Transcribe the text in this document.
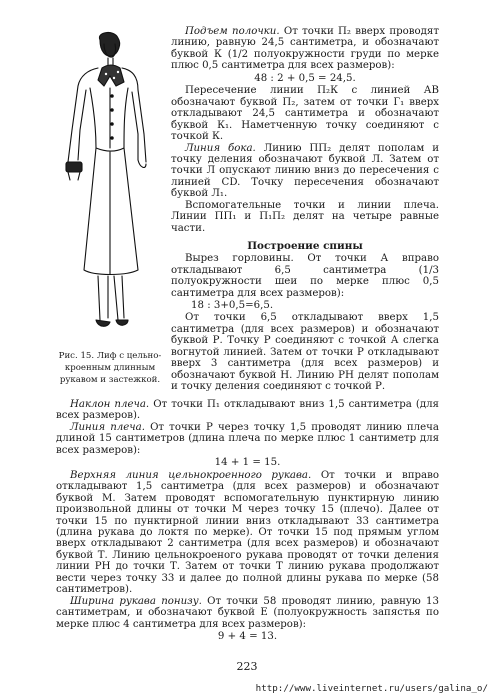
Рис. 15. Лиф с цельно-кроенным длинным рукавом и застежкой.

Подъем полочки. От точки П₂ вверх проводят линию, равную 24,5 сантиметра, и обозначают буквой К (1/2 полуокружности груди по мерке плюс 0,5 сантиметра для всех размеров):

48 : 2 + 0,5 = 24,5.

Пересечение линии П₂К с линией АВ обозначают буквой П₂, затем от точки Г₁ вверх откладывают 24,5 сантиметра и обозначают буквой К₁. Наметченную точку соединяют с точкой К.

Линия бока. Линию ПП₂ делят пополам и точку деления обозначают буквой Л. Затем от точки Л опускают линию вниз до пересечения с линией CD. Точку пересечения обозначают буквой Л₁.

Вспомогательные точки и линии плеча. Линии ПП₁ и П₁П₂ делят на четыре равные части.

Построение спины

Вырез горловины. От точки А вправо откладывают 6,5 сантиметра (1/3 полуокружности шеи по мерке плюс 0,5 сантиметра для всех размеров):

18 : 3+0,5=6,5.

От точки 6,5 откладывают вверх 1,5 сантиметра (для всех размеров) и обозначают буквой Р. Точку Р соединяют с точкой А слегка вогнутой линией. Затем от точки Р откладывают вверх 3 сантиметра (для всех размеров) и обозначают буквой Н. Линию РН делят пополам и точку деления соединяют с точкой Р.

Наклон плеча. От точки П₁ откладывают вниз 1,5 сантиметра (для всех размеров).

Линия плеча. От точки Р через точку 1,5 проводят линию плеча длиной 15 сантиметров (длина плеча по мерке плюс 1 сантиметр для всех размеров):

14 + 1 = 15.

Верхняя линия цельнокроенного рукава. От точки и вправо откладывают 1,5 сантиметра (для всех размеров) и обозначают буквой М. Затем проводят вспомогательную пунктирную линию произвольной длины от точки М через точку 15 (плечо). Далее от точки 15 по пунктирной линии вниз откладывают 33 сантиметра (длина рукава до локтя по мерке). От точки 15 под прямым углом вверх откладывают 2 сантиметра (для всех размеров) и обозначают буквой Т. Линию цельнокроеного рукава проводят от точки деления линии РН до точки Т. Затем от точки Т линию рукава продолжают вести через точку 33 и далее до полной длины рукава по мерке (58 сантиметров).

Ширина рукава понизу. От точки 58 проводят линию, равную 13 сантиметрам, и обозначают буквой Е (полуокружность запястья по мерке плюс 4 сантиметра для всех размеров):

9 + 4 = 13.

223
http://www.liveinternet.ru/users/galina_o/
